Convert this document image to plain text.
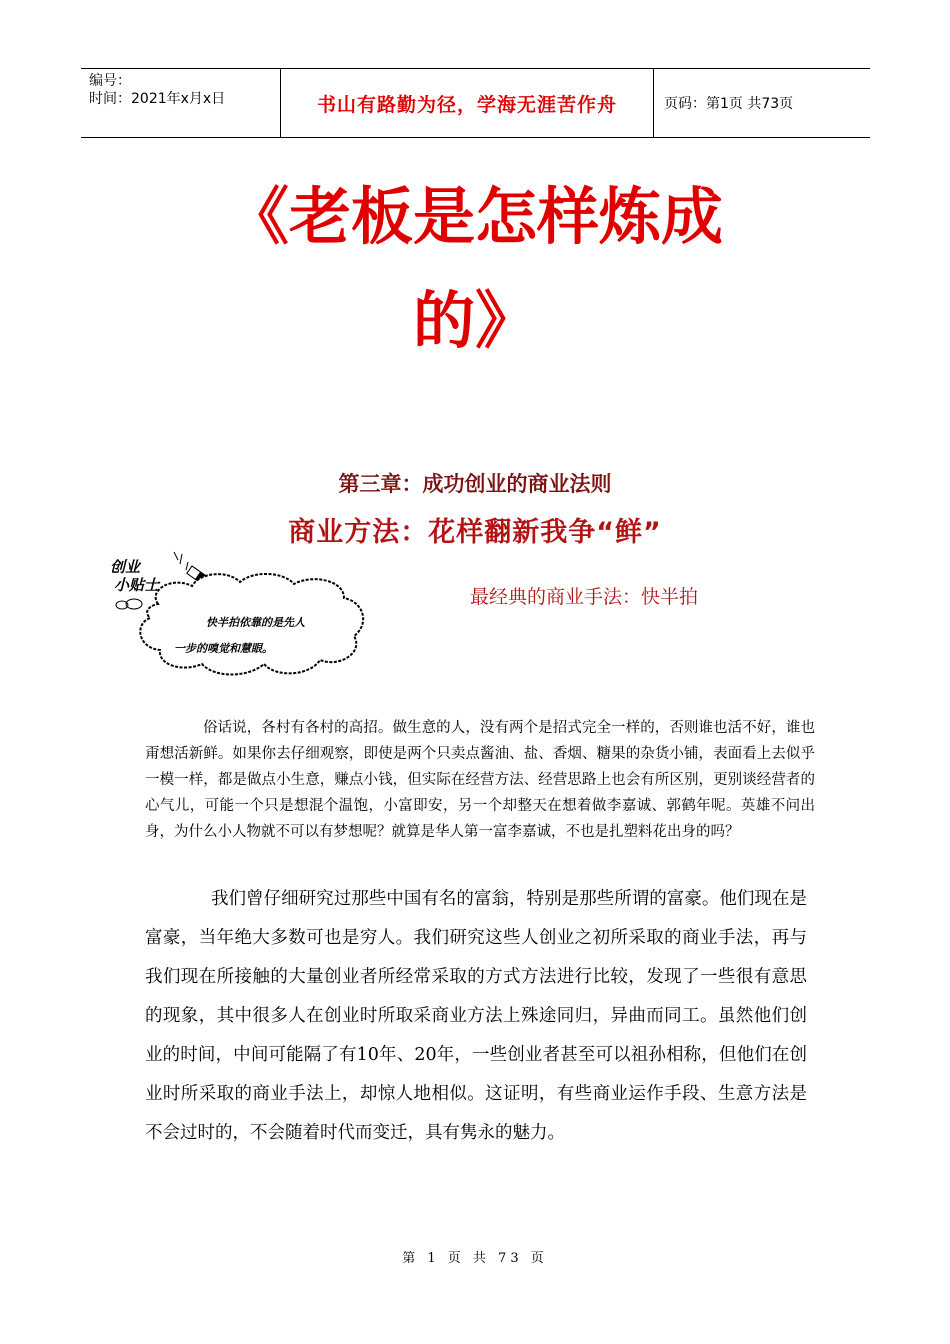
编号：
时间：2021年x月x日	书山有路勤为径，学海无涯苦作舟	页码：第1页 共73页
《老板是怎样炼成
的》
第三章：成功创业的商业法则
商业方法：花样翻新我争“鲜”
创业
小贴士
快半拍依靠的是先人
一步的嗅觉和慧眼。
最经典的商业手法：快半拍
俗话说，各村有各村的高招。做生意的人，没有两个是招式完全一样的，否则谁也活不好，谁也甭想活新鲜。如果你去仔细观察，即使是两个只卖点酱油、盐、香烟、糖果的杂货小铺，表面看上去似乎一模一样，都是做点小生意，赚点小钱，但实际在经营方法、经营思路上也会有所区别，更别谈经营者的心气儿，可能一个只是想混个温饱，小富即安，另一个却整天在想着做李嘉诚、郭鹤年呢。英雄不问出身，为什么小人物就不可以有梦想呢？就算是华人第一富李嘉诚，不也是扎塑料花出身的吗？
我们曾仔细研究过那些中国有名的富翁，特别是那些所谓的富豪。他们现在是富豪，当年绝大多数可也是穷人。我们研究这些人创业之初所采取的商业手法，再与我们现在所接触的大量创业者所经常采取的方式方法进行比较，发现了一些很有意思的现象，其中很多人在创业时所取采商业方法上殊途同归，异曲而同工。虽然他们创业的时间，中间可能隔了有10年、20年，一些创业者甚至可以祖孙相称，但他们在创业时所采取的商业手法上，却惊人地相似。这证明，有些商业运作手段、生意方法是不会过时的，不会随着时代而变迁，具有隽永的魅力。
第 1 页 共 73 页
